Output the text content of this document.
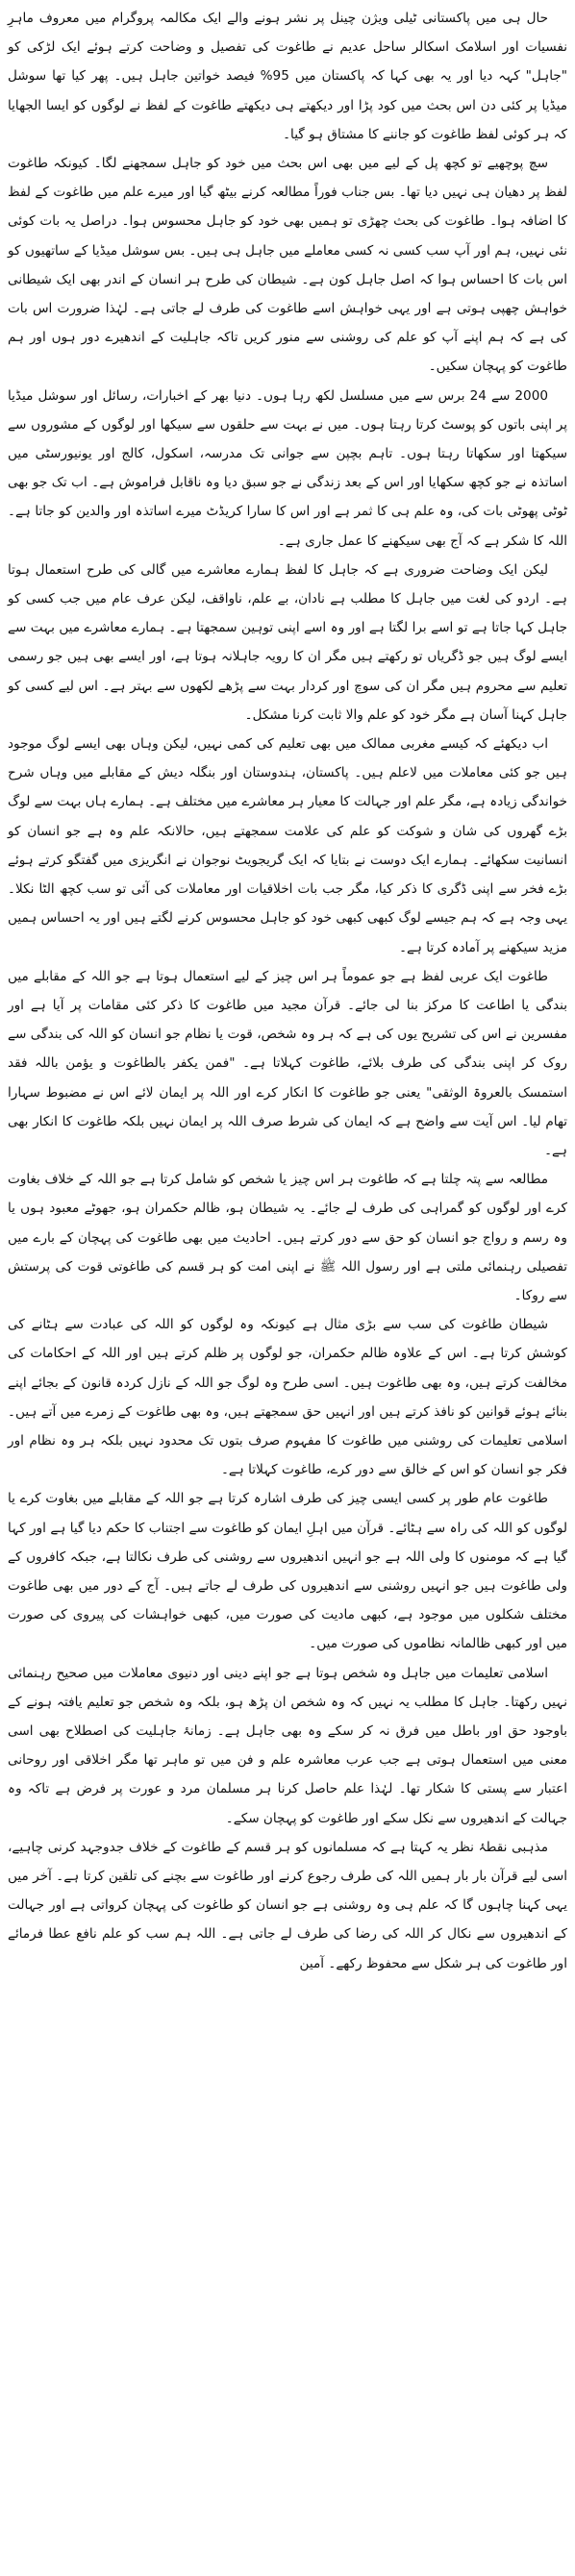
حال ہی میں پاکستانی ٹیلی ویژن چینل پر نشر ہونے والے ایک مکالمہ پروگرام میں معروف ماہرِ نفسیات اور اسلامک اسکالر ساحل عدیم نے طاغوت کی تفصیل و وضاحت کرتے ہوئے ایک لڑکی کو "جاہل" کہہ دیا اور یہ بھی کہا کہ پاکستان میں 95% فیصد خواتین جاہل ہیں۔ پھر کیا تھا سوشل میڈیا پر کئی دن اس بحث میں کود پڑا اور دیکھتے ہی دیکھتے طاغوت کے لفظ نے لوگوں کو ایسا الجھایا کہ ہر کوئی لفظ طاغوت کو جاننے کا مشتاق ہو گیا۔

سچ پوچھیے تو کچھ پل کے لیے میں بھی اس بحث میں خود کو جاہل سمجھنے لگا۔ کیونکہ طاغوت لفظ پر دھیان ہی نہیں دیا تھا۔ بس جناب فوراً مطالعہ کرنے بیٹھ گیا اور میرے علم میں طاغوت کے لفظ کا اضافہ ہوا۔ طاغوت کی بحث چھڑی تو ہمیں بھی خود کو جاہل محسوس ہوا۔ دراصل یہ بات کوئی نئی نہیں، ہم اور آپ سب کسی نہ کسی معاملے میں جاہل ہی ہیں۔ بس سوشل میڈیا کے ساتھیوں کو اس بات کا احساس ہوا کہ اصل جاہل کون ہے۔ شیطان کی طرح ہر انسان کے اندر بھی ایک شیطانی خواہش چھپی ہوتی ہے اور یہی خواہش اسے طاغوت کی طرف لے جاتی ہے۔ لہٰذا ضرورت اس بات کی ہے کہ ہم اپنے آپ کو علم کی روشنی سے منور کریں تاکہ جاہلیت کے اندھیرے دور ہوں اور ہم طاغوت کو پہچان سکیں۔

2000 سے 24 برس سے میں مسلسل لکھ رہا ہوں۔ دنیا بھر کے اخبارات، رسائل اور سوشل میڈیا پر اپنی باتوں کو پوسٹ کرتا رہتا ہوں۔ میں نے بہت سے حلقوں سے سیکھا اور لوگوں کے مشوروں سے سیکھتا اور سکھاتا رہتا ہوں۔ تاہم بچپن سے جوانی تک مدرسہ، اسکول، کالج اور یونیورسٹی میں اساتذہ نے جو کچھ سکھایا اور اس کے بعد زندگی نے جو سبق دیا وہ ناقابل فراموش ہے۔ اب تک جو بھی ٹوٹی پھوٹی بات کی، وہ علم ہی کا ثمر ہے اور اس کا سارا کریڈٹ میرے اساتذہ اور والدین کو جاتا ہے۔ اللہ کا شکر ہے کہ آج بھی سیکھنے کا عمل جاری ہے۔

لیکن ایک وضاحت ضروری ہے کہ جاہل کا لفظ ہمارے معاشرے میں گالی کی طرح استعمال ہوتا ہے۔ اردو کی لغت میں جاہل کا مطلب ہے نادان، بے علم، ناواقف، لیکن عرف عام میں جب کسی کو جاہل کہا جاتا ہے تو اسے برا لگتا ہے اور وہ اسے اپنی توہین سمجھتا ہے۔ ہمارے معاشرے میں بہت سے ایسے لوگ ہیں جو ڈگریاں تو رکھتے ہیں مگر ان کا رویہ جاہلانہ ہوتا ہے، اور ایسے بھی ہیں جو رسمی تعلیم سے محروم ہیں مگر ان کی سوچ اور کردار بہت سے پڑھے لکھوں سے بہتر ہے۔ اس لیے کسی کو جاہل کہنا آسان ہے مگر خود کو علم والا ثابت کرنا مشکل۔

اب دیکھئے کہ کیسے مغربی ممالک میں بھی تعلیم کی کمی نہیں، لیکن وہاں بھی ایسے لوگ موجود ہیں جو کئی معاملات میں لاعلم ہیں۔ پاکستان، ہندوستان اور بنگلہ دیش کے مقابلے میں وہاں شرح خواندگی زیادہ ہے، مگر علم اور جہالت کا معیار ہر معاشرے میں مختلف ہے۔ ہمارے ہاں بہت سے لوگ بڑے گھروں کی شان و شوکت کو علم کی علامت سمجھتے ہیں، حالانکہ علم وہ ہے جو انسان کو انسانیت سکھائے۔ ہمارے ایک دوست نے بتایا کہ ایک گریجویٹ نوجوان نے انگریزی میں گفتگو کرتے ہوئے بڑے فخر سے اپنی ڈگری کا ذکر کیا، مگر جب بات اخلاقیات اور معاملات کی آئی تو سب کچھ الٹا نکلا۔ یہی وجہ ہے کہ ہم جیسے لوگ کبھی کبھی خود کو جاہل محسوس کرنے لگتے ہیں اور یہ احساس ہمیں مزید سیکھنے پر آمادہ کرتا ہے۔

طاغوت ایک عربی لفظ ہے جو عموماً ہر اس چیز کے لیے استعمال ہوتا ہے جو اللہ کے مقابلے میں بندگی یا اطاعت کا مرکز بنا لی جائے۔ قرآن مجید میں طاغوت کا ذکر کئی مقامات پر آیا ہے اور مفسرین نے اس کی تشریح یوں کی ہے کہ ہر وہ شخص، قوت یا نظام جو انسان کو اللہ کی بندگی سے روک کر اپنی بندگی کی طرف بلائے، طاغوت کہلاتا ہے۔ "فمن یکفر بالطاغوت و یؤمن باللہ فقد استمسک بالعروۃ الوثقی" یعنی جو طاغوت کا انکار کرے اور اللہ پر ایمان لائے اس نے مضبوط سہارا تھام لیا۔ اس آیت سے واضح ہے کہ ایمان کی شرط صرف اللہ پر ایمان نہیں بلکہ طاغوت کا انکار بھی ہے۔

مطالعہ سے پتہ چلتا ہے کہ طاغوت ہر اس چیز یا شخص کو شامل کرتا ہے جو اللہ کے خلاف بغاوت کرے اور لوگوں کو گمراہی کی طرف لے جائے۔ یہ شیطان ہو، ظالم حکمران ہو، جھوٹے معبود ہوں یا وہ رسم و رواج جو انسان کو حق سے دور کرتے ہیں۔ احادیث میں بھی طاغوت کی پہچان کے بارے میں تفصیلی رہنمائی ملتی ہے اور رسول اللہ ﷺ نے اپنی امت کو ہر قسم کی طاغوتی قوت کی پرستش سے روکا۔

شیطان طاغوت کی سب سے بڑی مثال ہے کیونکہ وہ لوگوں کو اللہ کی عبادت سے ہٹانے کی کوشش کرتا ہے۔ اس کے علاوہ ظالم حکمران، جو لوگوں پر ظلم کرتے ہیں اور اللہ کے احکامات کی مخالفت کرتے ہیں، وہ بھی طاغوت ہیں۔ اسی طرح وہ لوگ جو اللہ کے نازل کردہ قانون کے بجائے اپنے بنائے ہوئے قوانین کو نافذ کرتے ہیں اور انہیں حق سمجھتے ہیں، وہ بھی طاغوت کے زمرے میں آتے ہیں۔ اسلامی تعلیمات کی روشنی میں طاغوت کا مفہوم صرف بتوں تک محدود نہیں بلکہ ہر وہ نظام اور فکر جو انسان کو اس کے خالق سے دور کرے، طاغوت کہلاتا ہے۔

طاغوت عام طور پر کسی ایسی چیز کی طرف اشارہ کرتا ہے جو اللہ کے مقابلے میں بغاوت کرے یا لوگوں کو اللہ کی راہ سے ہٹائے۔ قرآن میں اہلِ ایمان کو طاغوت سے اجتناب کا حکم دیا گیا ہے اور کہا گیا ہے کہ مومنوں کا ولی اللہ ہے جو انہیں اندھیروں سے روشنی کی طرف نکالتا ہے، جبکہ کافروں کے ولی طاغوت ہیں جو انہیں روشنی سے اندھیروں کی طرف لے جاتے ہیں۔ آج کے دور میں بھی طاغوت مختلف شکلوں میں موجود ہے، کبھی مادیت کی صورت میں، کبھی خواہشات کی پیروی کی صورت میں اور کبھی ظالمانہ نظاموں کی صورت میں۔

اسلامی تعلیمات میں جاہل وہ شخص ہوتا ہے جو اپنے دینی اور دنیوی معاملات میں صحیح رہنمائی نہیں رکھتا۔ جاہل کا مطلب یہ نہیں کہ وہ شخص ان پڑھ ہو، بلکہ وہ شخص جو تعلیم یافتہ ہونے کے باوجود حق اور باطل میں فرق نہ کر سکے وہ بھی جاہل ہے۔ زمانۂ جاہلیت کی اصطلاح بھی اسی معنی میں استعمال ہوتی ہے جب عرب معاشرہ علم و فن میں تو ماہر تھا مگر اخلاقی اور روحانی اعتبار سے پستی کا شکار تھا۔ لہٰذا علم حاصل کرنا ہر مسلمان مرد و عورت پر فرض ہے تاکہ وہ جہالت کے اندھیروں سے نکل سکے اور طاغوت کو پہچان سکے۔

مذہبی نقطۂ نظر یہ کہتا ہے کہ مسلمانوں کو ہر قسم کے طاغوت کے خلاف جدوجہد کرنی چاہیے، اسی لیے قرآن بار بار ہمیں اللہ کی طرف رجوع کرنے اور طاغوت سے بچنے کی تلقین کرتا ہے۔ آخر میں یہی کہنا چاہوں گا کہ علم ہی وہ روشنی ہے جو انسان کو طاغوت کی پہچان کرواتی ہے اور جہالت کے اندھیروں سے نکال کر اللہ کی رضا کی طرف لے جاتی ہے۔ اللہ ہم سب کو علم نافع عطا فرمائے اور طاغوت کی ہر شکل سے محفوظ رکھے۔ آمین
